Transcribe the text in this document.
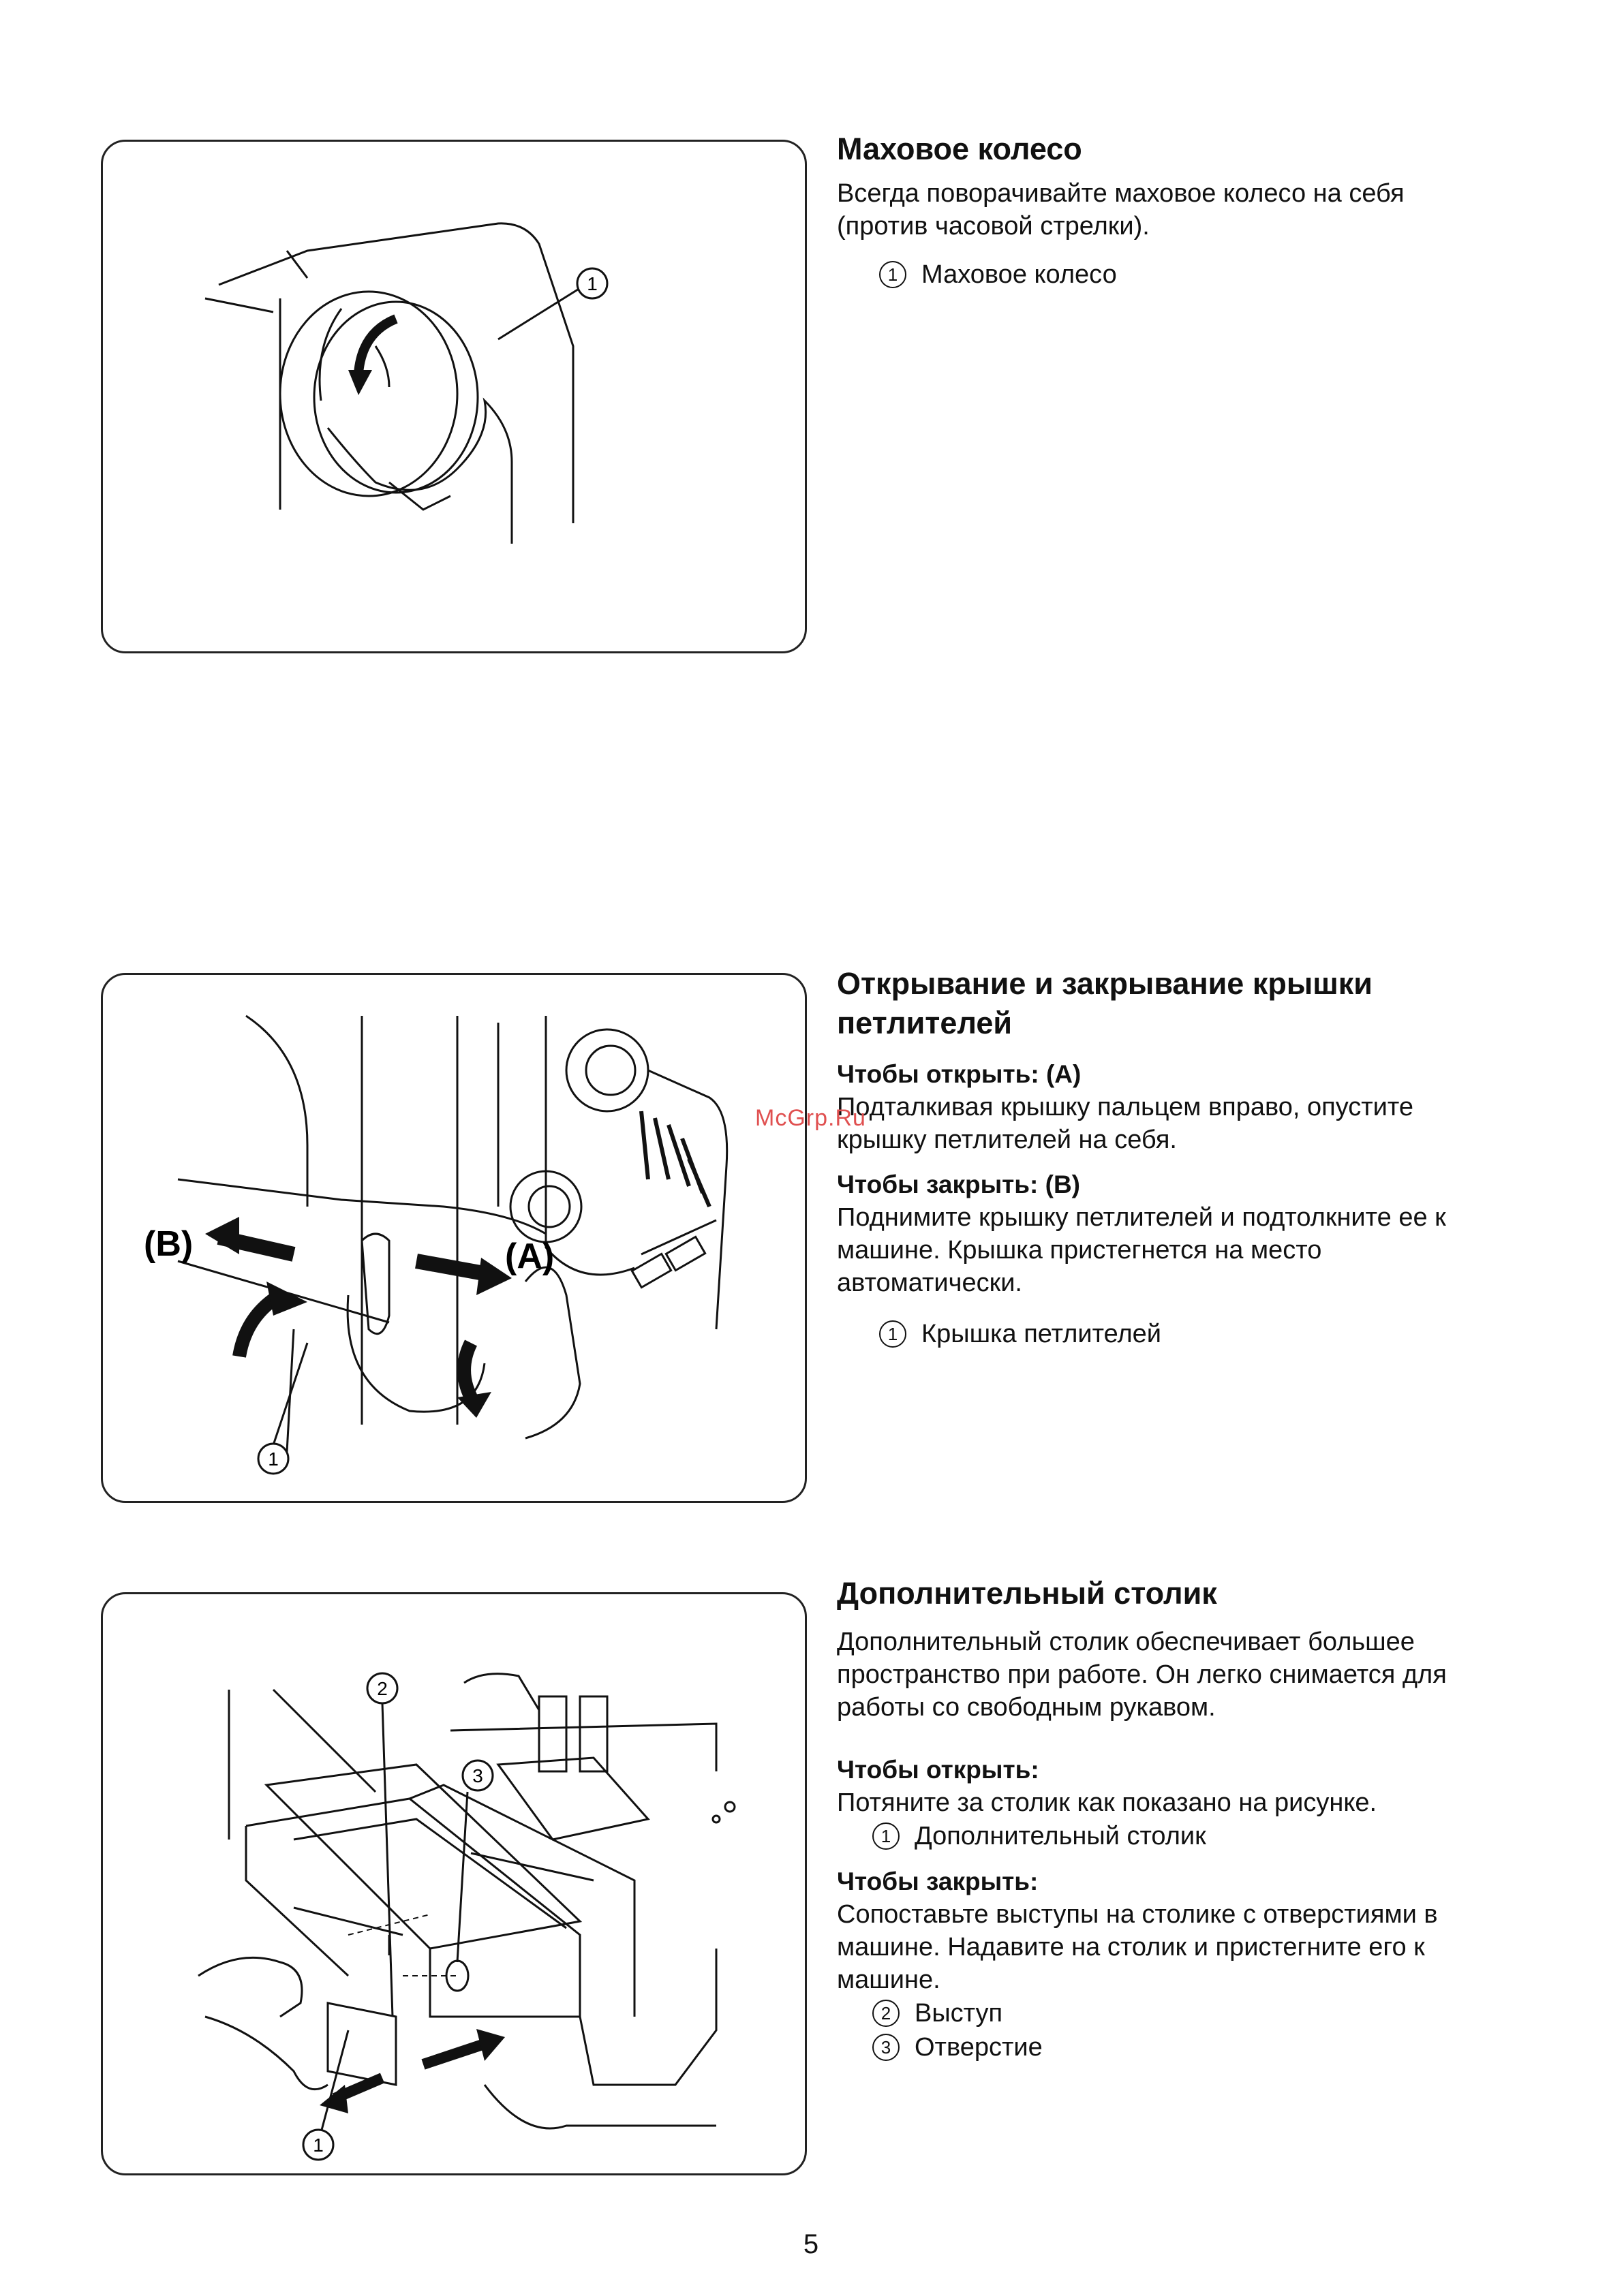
1
Маховое колесо

Всегда поворачивайте маховое колесо на себя
(против часовой стрелки).

1 Маховое колесо
(B)	(A)
1
Открывание и закрывание крышки
петлителей
Чтобы открыть: (A)

Подталкивая крышку пальцем вправо, опустите
крышку петлителей на себя.

Чтобы закрыть: (B)

Поднимите крышку петлителей и подтолкните ее к
машине. Крышка пристегнется на место
автоматически.

1 Крышка петлителей
2
3
1
Дополнительный столик

Дополнительный столик обеспечивает большее
пространство при работе. Он легко снимается для
работы со свободным рукавом.

Чтобы открыть:

Потяните за столик как показано на рисунке.

1 Дополнительный столик
Чтобы закрыть:

Сопоставьте выступы на столике с отверстиями в
машине. Надавите на столик и пристегните его к
машине.

2 Выступ
3 Отверстие
McGrp.Ru
5
